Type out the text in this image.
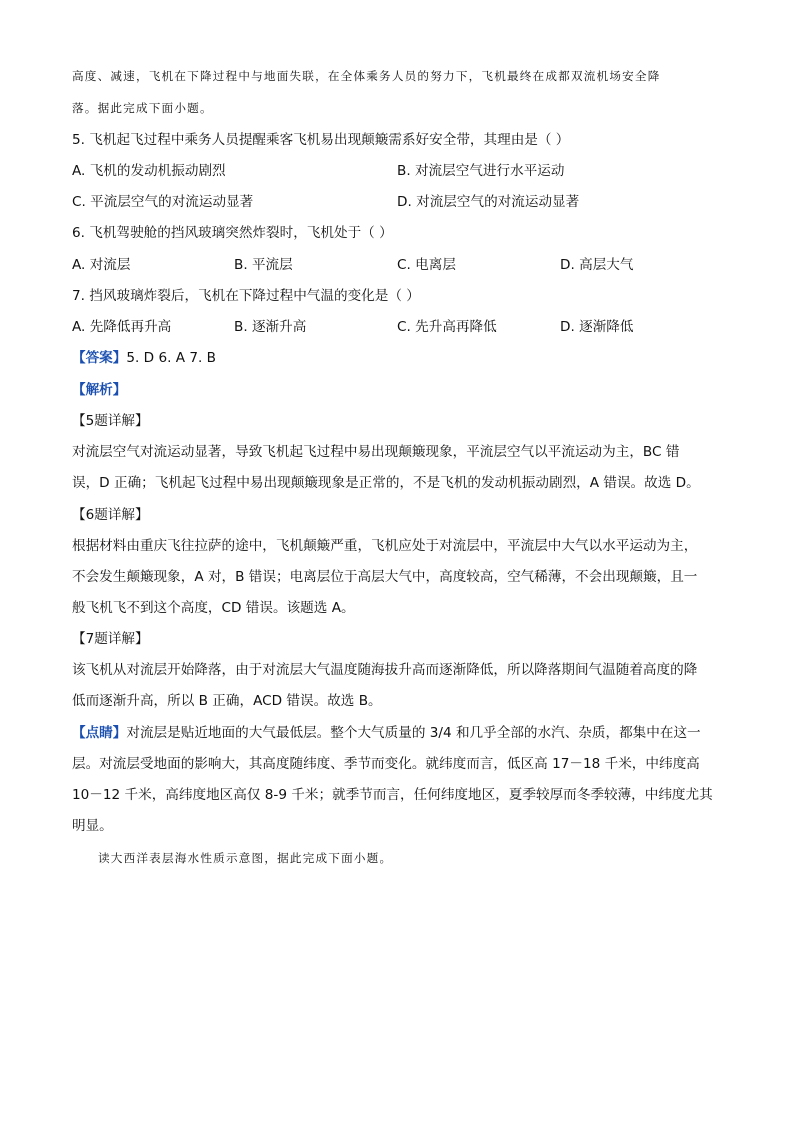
高度、减速，飞机在下降过程中与地面失联，在全体乘务人员的努力下，飞机最终在成都双流机场安全降
落。据此完成下面小题。
5. 飞机起飞过程中乘务人员提醒乘客飞机易出现颠簸需系好安全带，其理由是（ ）
A. 飞机的发动机振动剧烈	B. 对流层空气进行水平运动
C. 平流层空气的对流运动显著	D. 对流层空气的对流运动显著
6. 飞机驾驶舱的挡风玻璃突然炸裂时，飞机处于（ ）
A. 对流层	B. 平流层	C. 电离层	D. 高层大气
7. 挡风玻璃炸裂后，飞机在下降过程中气温的变化是（ ）
A. 先降低再升高	B. 逐渐升高	C. 先升高再降低	D. 逐渐降低
【答案】5. D 6. A 7. B
【解析】
【5题详解】
对流层空气对流运动显著，导致飞机起飞过程中易出现颠簸现象，平流层空气以平流运动为主，BC 错
误，D 正确；飞机起飞过程中易出现颠簸现象是正常的，不是飞机的发动机振动剧烈，A 错误。故选 D。
【6题详解】
根据材料由重庆飞往拉萨的途中，飞机颠簸严重，飞机应处于对流层中，平流层中大气以水平运动为主，
不会发生颠簸现象，A 对，B 错误；电离层位于高层大气中，高度较高，空气稀薄，不会出现颠簸，且一
般飞机飞不到这个高度，CD 错误。该题选 A。
【7题详解】
该飞机从对流层开始降落，由于对流层大气温度随海拔升高而逐渐降低，所以降落期间气温随着高度的降
低而逐渐升高，所以 B 正确，ACD 错误。故选 B。
【点睛】对流层是贴近地面的大气最低层。整个大气质量的 3/4 和几乎全部的水汽、杂质，都集中在这一
层。对流层受地面的影响大，其高度随纬度、季节而变化。就纬度而言，低区高 17－18 千米，中纬度高
10－12 千米，高纬度地区高仅 8-9 千米；就季节而言，任何纬度地区，夏季较厚而冬季较薄，中纬度尤其
明显。
读大西洋表层海水性质示意图，据此完成下面小题。
